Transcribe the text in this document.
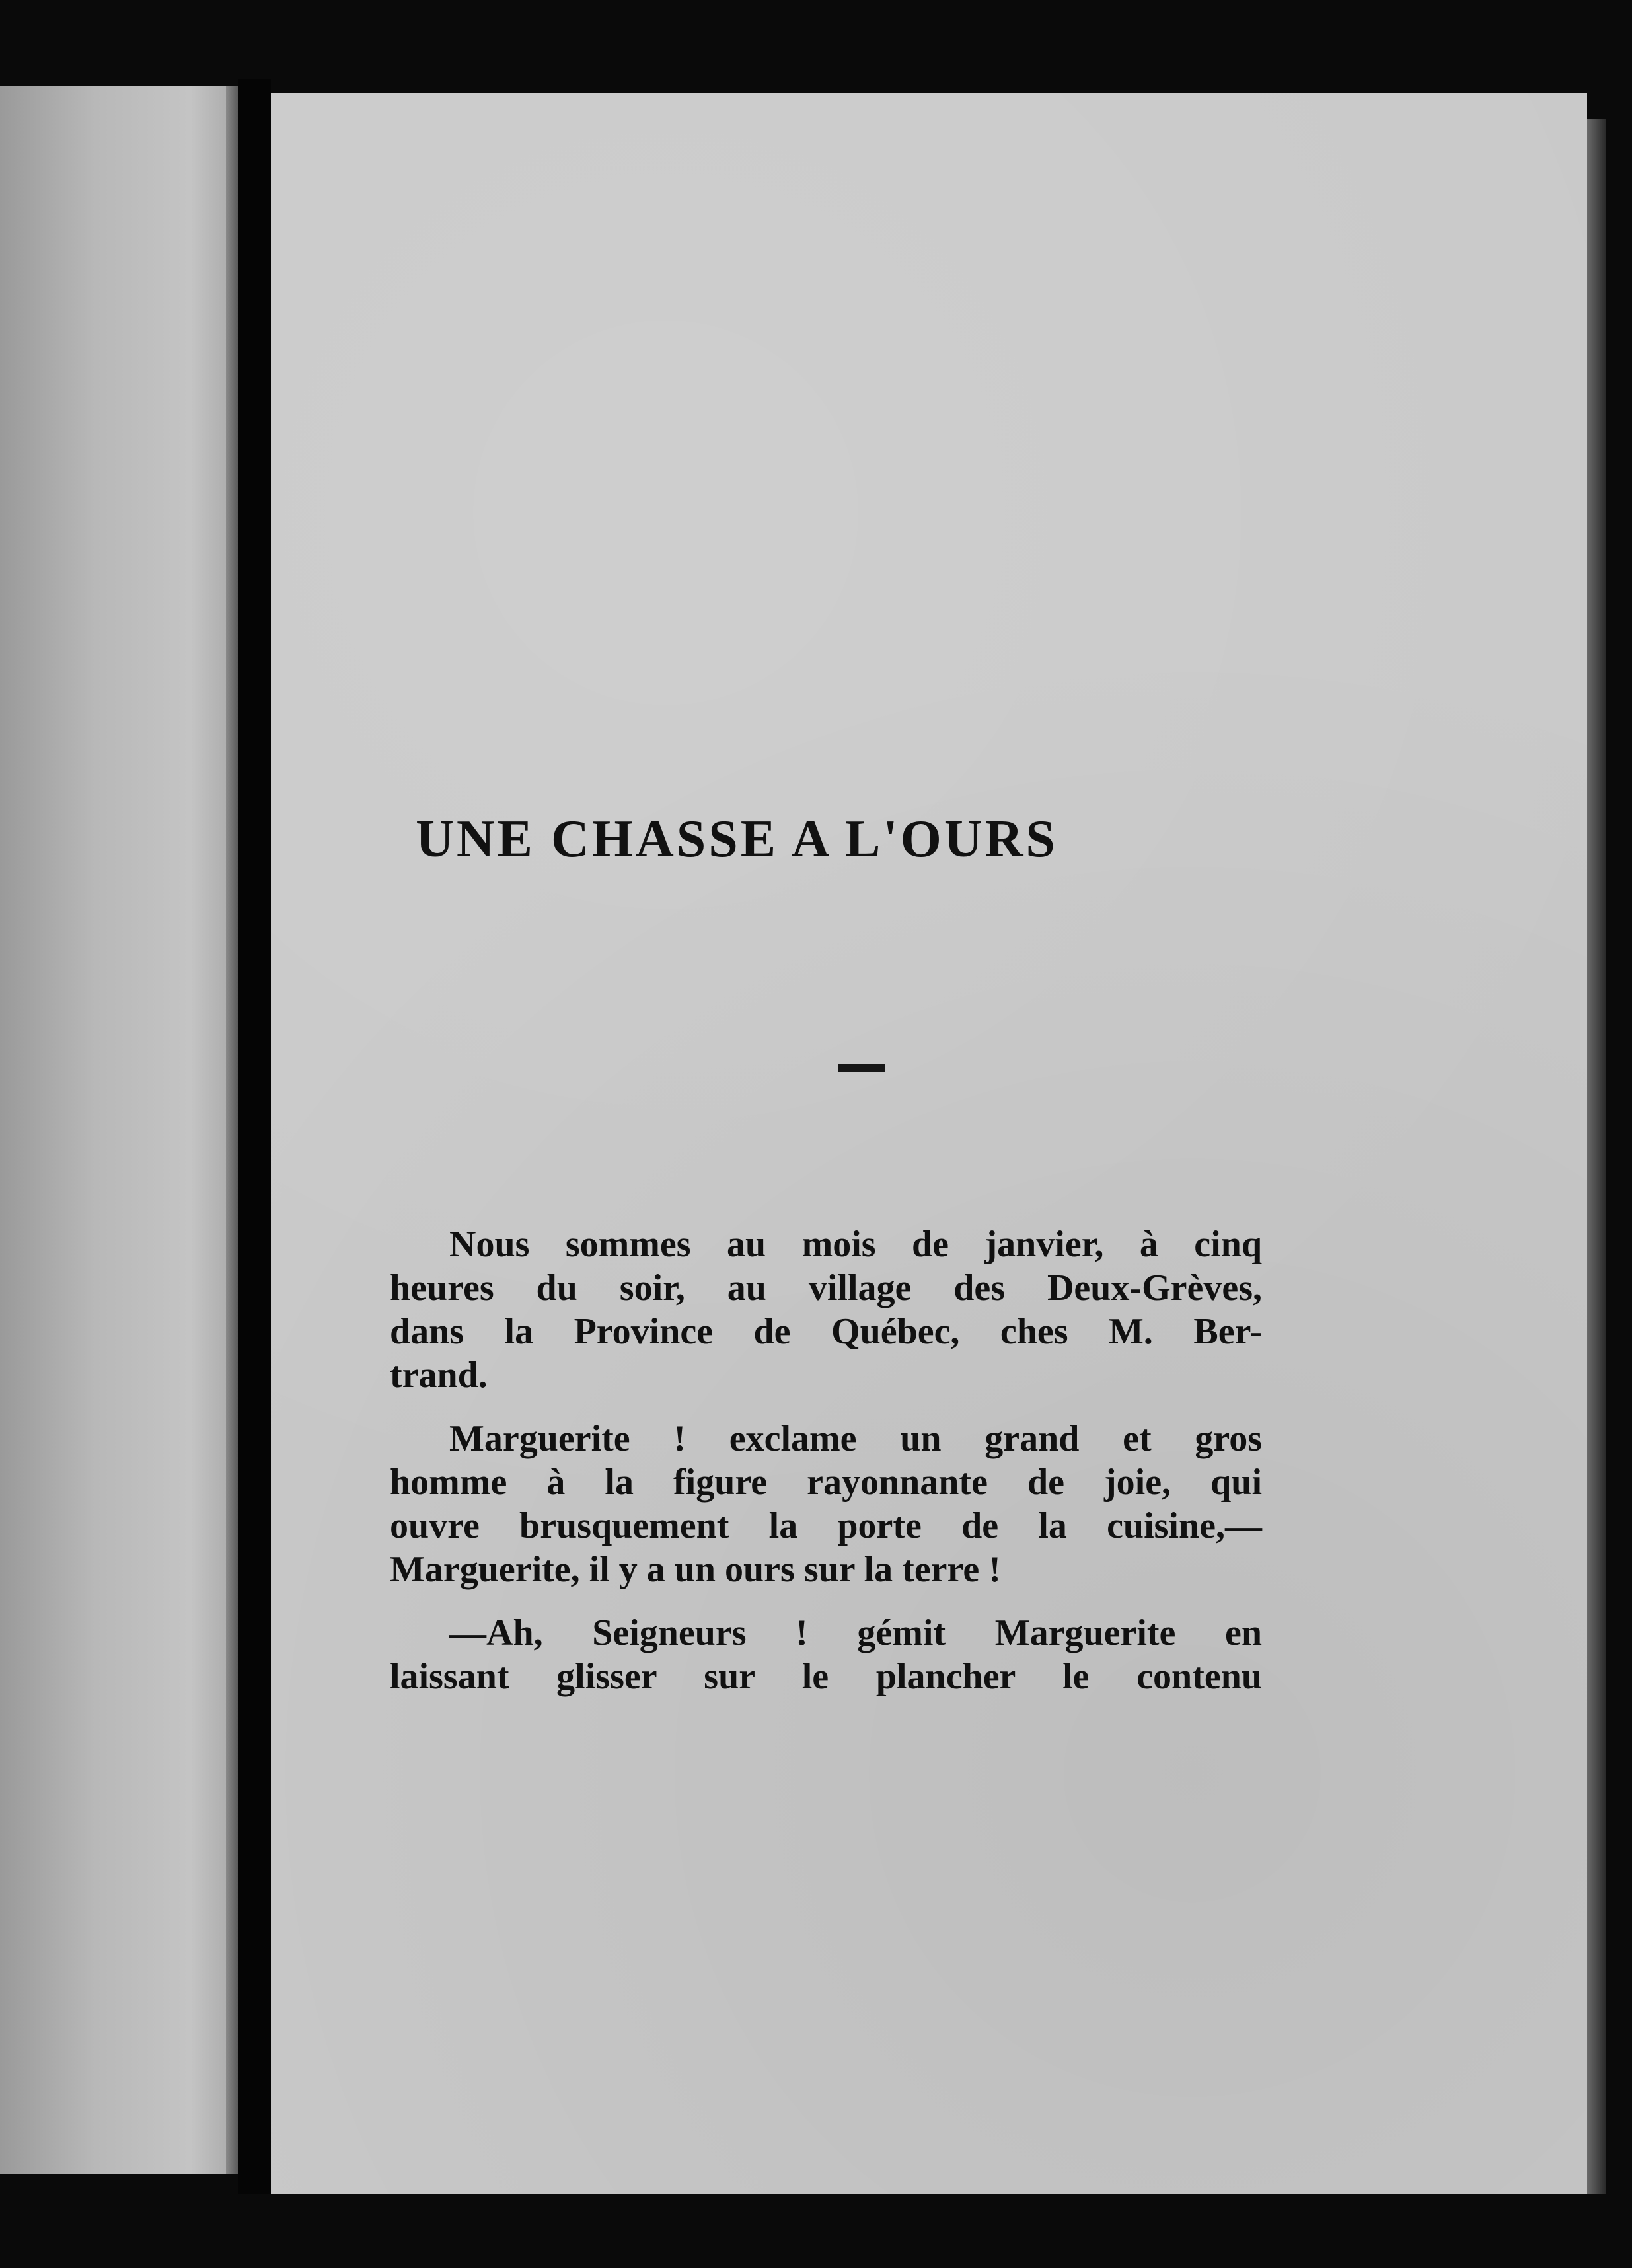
UNE CHASSE A L'OURS

Nous sommes au mois de janvier, à cinq
heures du soir, au village des Deux-Grèves,
dans la Province de Québec, ches M. Ber-
trand.

Marguerite ! exclame un grand et gros
homme à la figure rayonnante de joie, qui
ouvre brusquement la porte de la cuisine,—
Marguerite, il y a un ours sur la terre !

—Ah, Seigneurs ! gémit Marguerite en
laissant glisser sur le plancher le contenu
